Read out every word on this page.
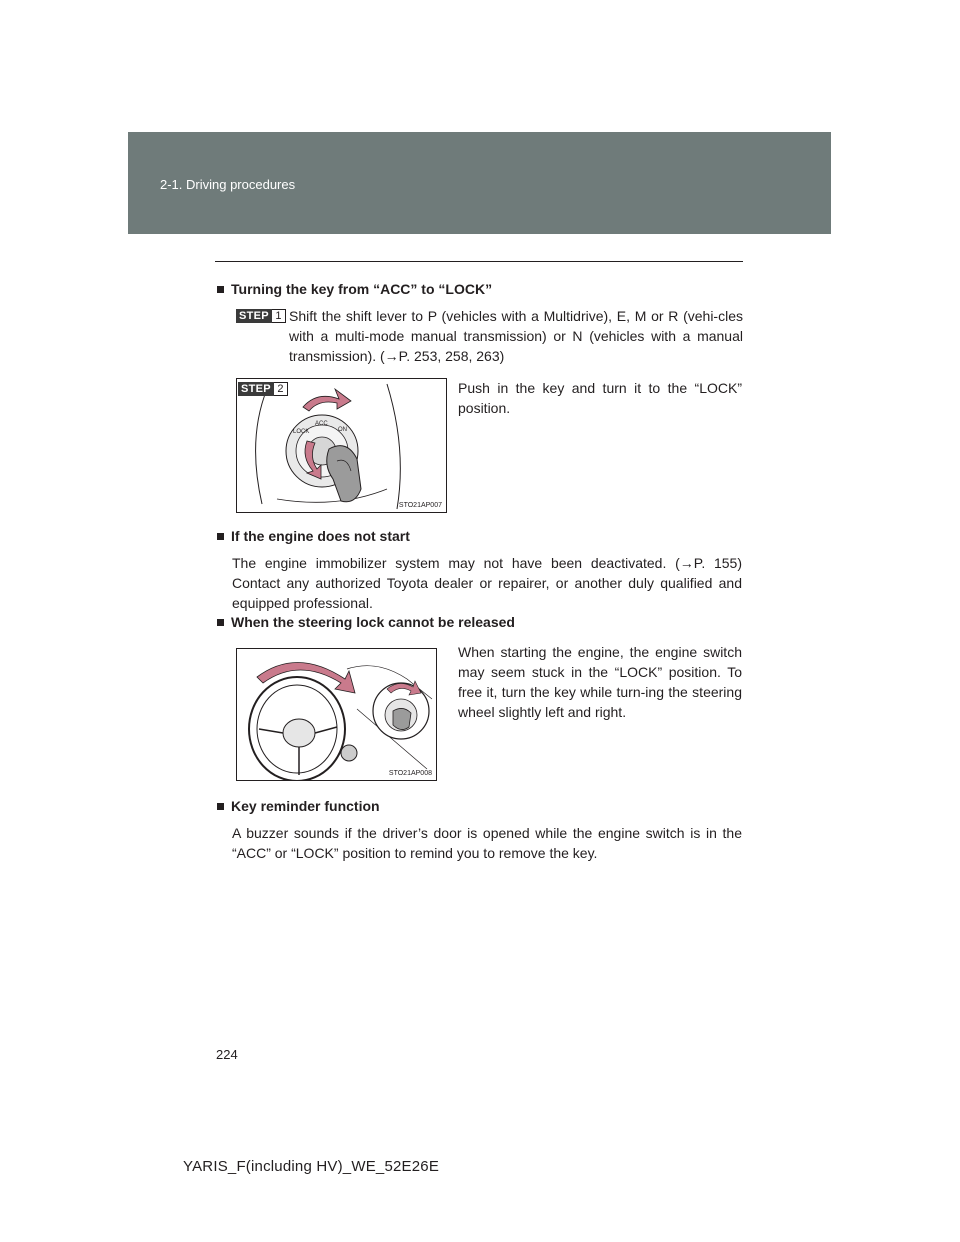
2-1. Driving procedures
Turning the key from “ACC” to “LOCK”
STEP 1 Shift the shift lever to P (vehicles with a Multidrive), E, M or R (vehi-cles with a multi-mode manual transmission) or N (vehicles with a manual transmission). (→P. 253, 258, 263)
LOCK
ACC
ON
STO21AP007
STEP 2	Push in the key and turn it to the “LOCK” position.
If the engine does not start
The engine immobilizer system may not have been deactivated. (→P. 155) Contact any authorized Toyota dealer or repairer, or another duly qualified and equipped professional.
When the steering lock cannot be released
STO21AP008
When starting the engine, the engine switch may seem stuck in the “LOCK” position. To free it, turn the key while turn-ing the steering wheel slightly left and right.
Key reminder function
A buzzer sounds if the driver’s door is opened while the engine switch is in the “ACC” or “LOCK” position to remind you to remove the key.
224
YARIS_F(including HV)_WE_52E26E
